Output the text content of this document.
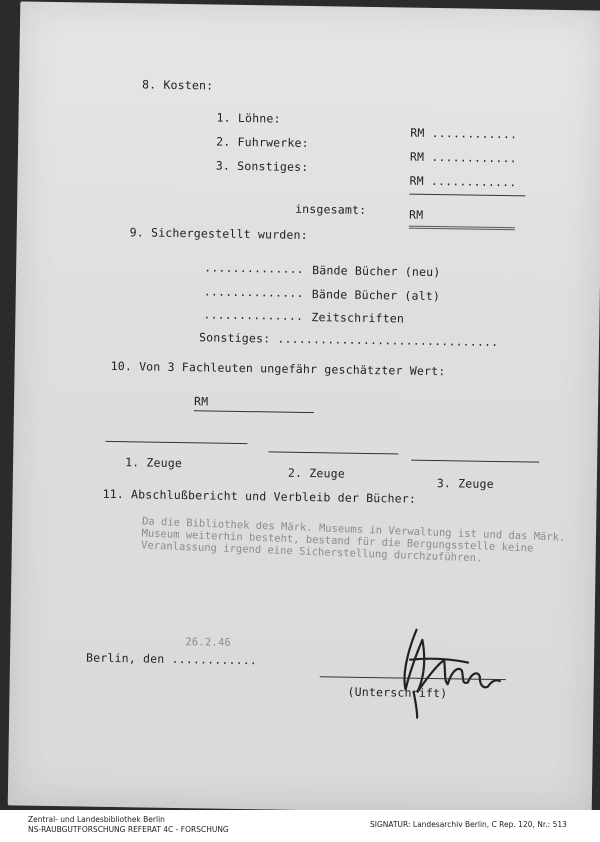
8. Kosten:
1. Löhne:
RM ............
2. Fuhrwerke:
RM ............
3. Sonstiges:
RM ............
insgesamt:	RM
9. Sichergestellt wurden:
.............. Bände Bücher (neu)
.............. Bände Bücher (alt)
.............. Zeitschriften
Sonstiges: ...............................
10. Von 3 Fachleuten ungefähr geschätzter Wert:
RM
1. Zeuge
2. Zeuge
3. Zeuge
11. Abschlußbericht und Verbleib der Bücher:
Da die Bibliothek des Märk. Museums in Verwaltung ist und das Märk. Museum weiterhin besteht, bestand für die Bergungsstelle keine Veranlassung irgend eine Sicherstellung durchzuführen.
26.2.46
Berlin, den ............
(Unterschrift)
Zentral- und Landesbibliothek Berlin
NS-RAUBGUTFORSCHUNG REFERAT 4C - FORSCHUNG
SIGNATUR: Landesarchiv Berlin, C Rep. 120, Nr.: 513
